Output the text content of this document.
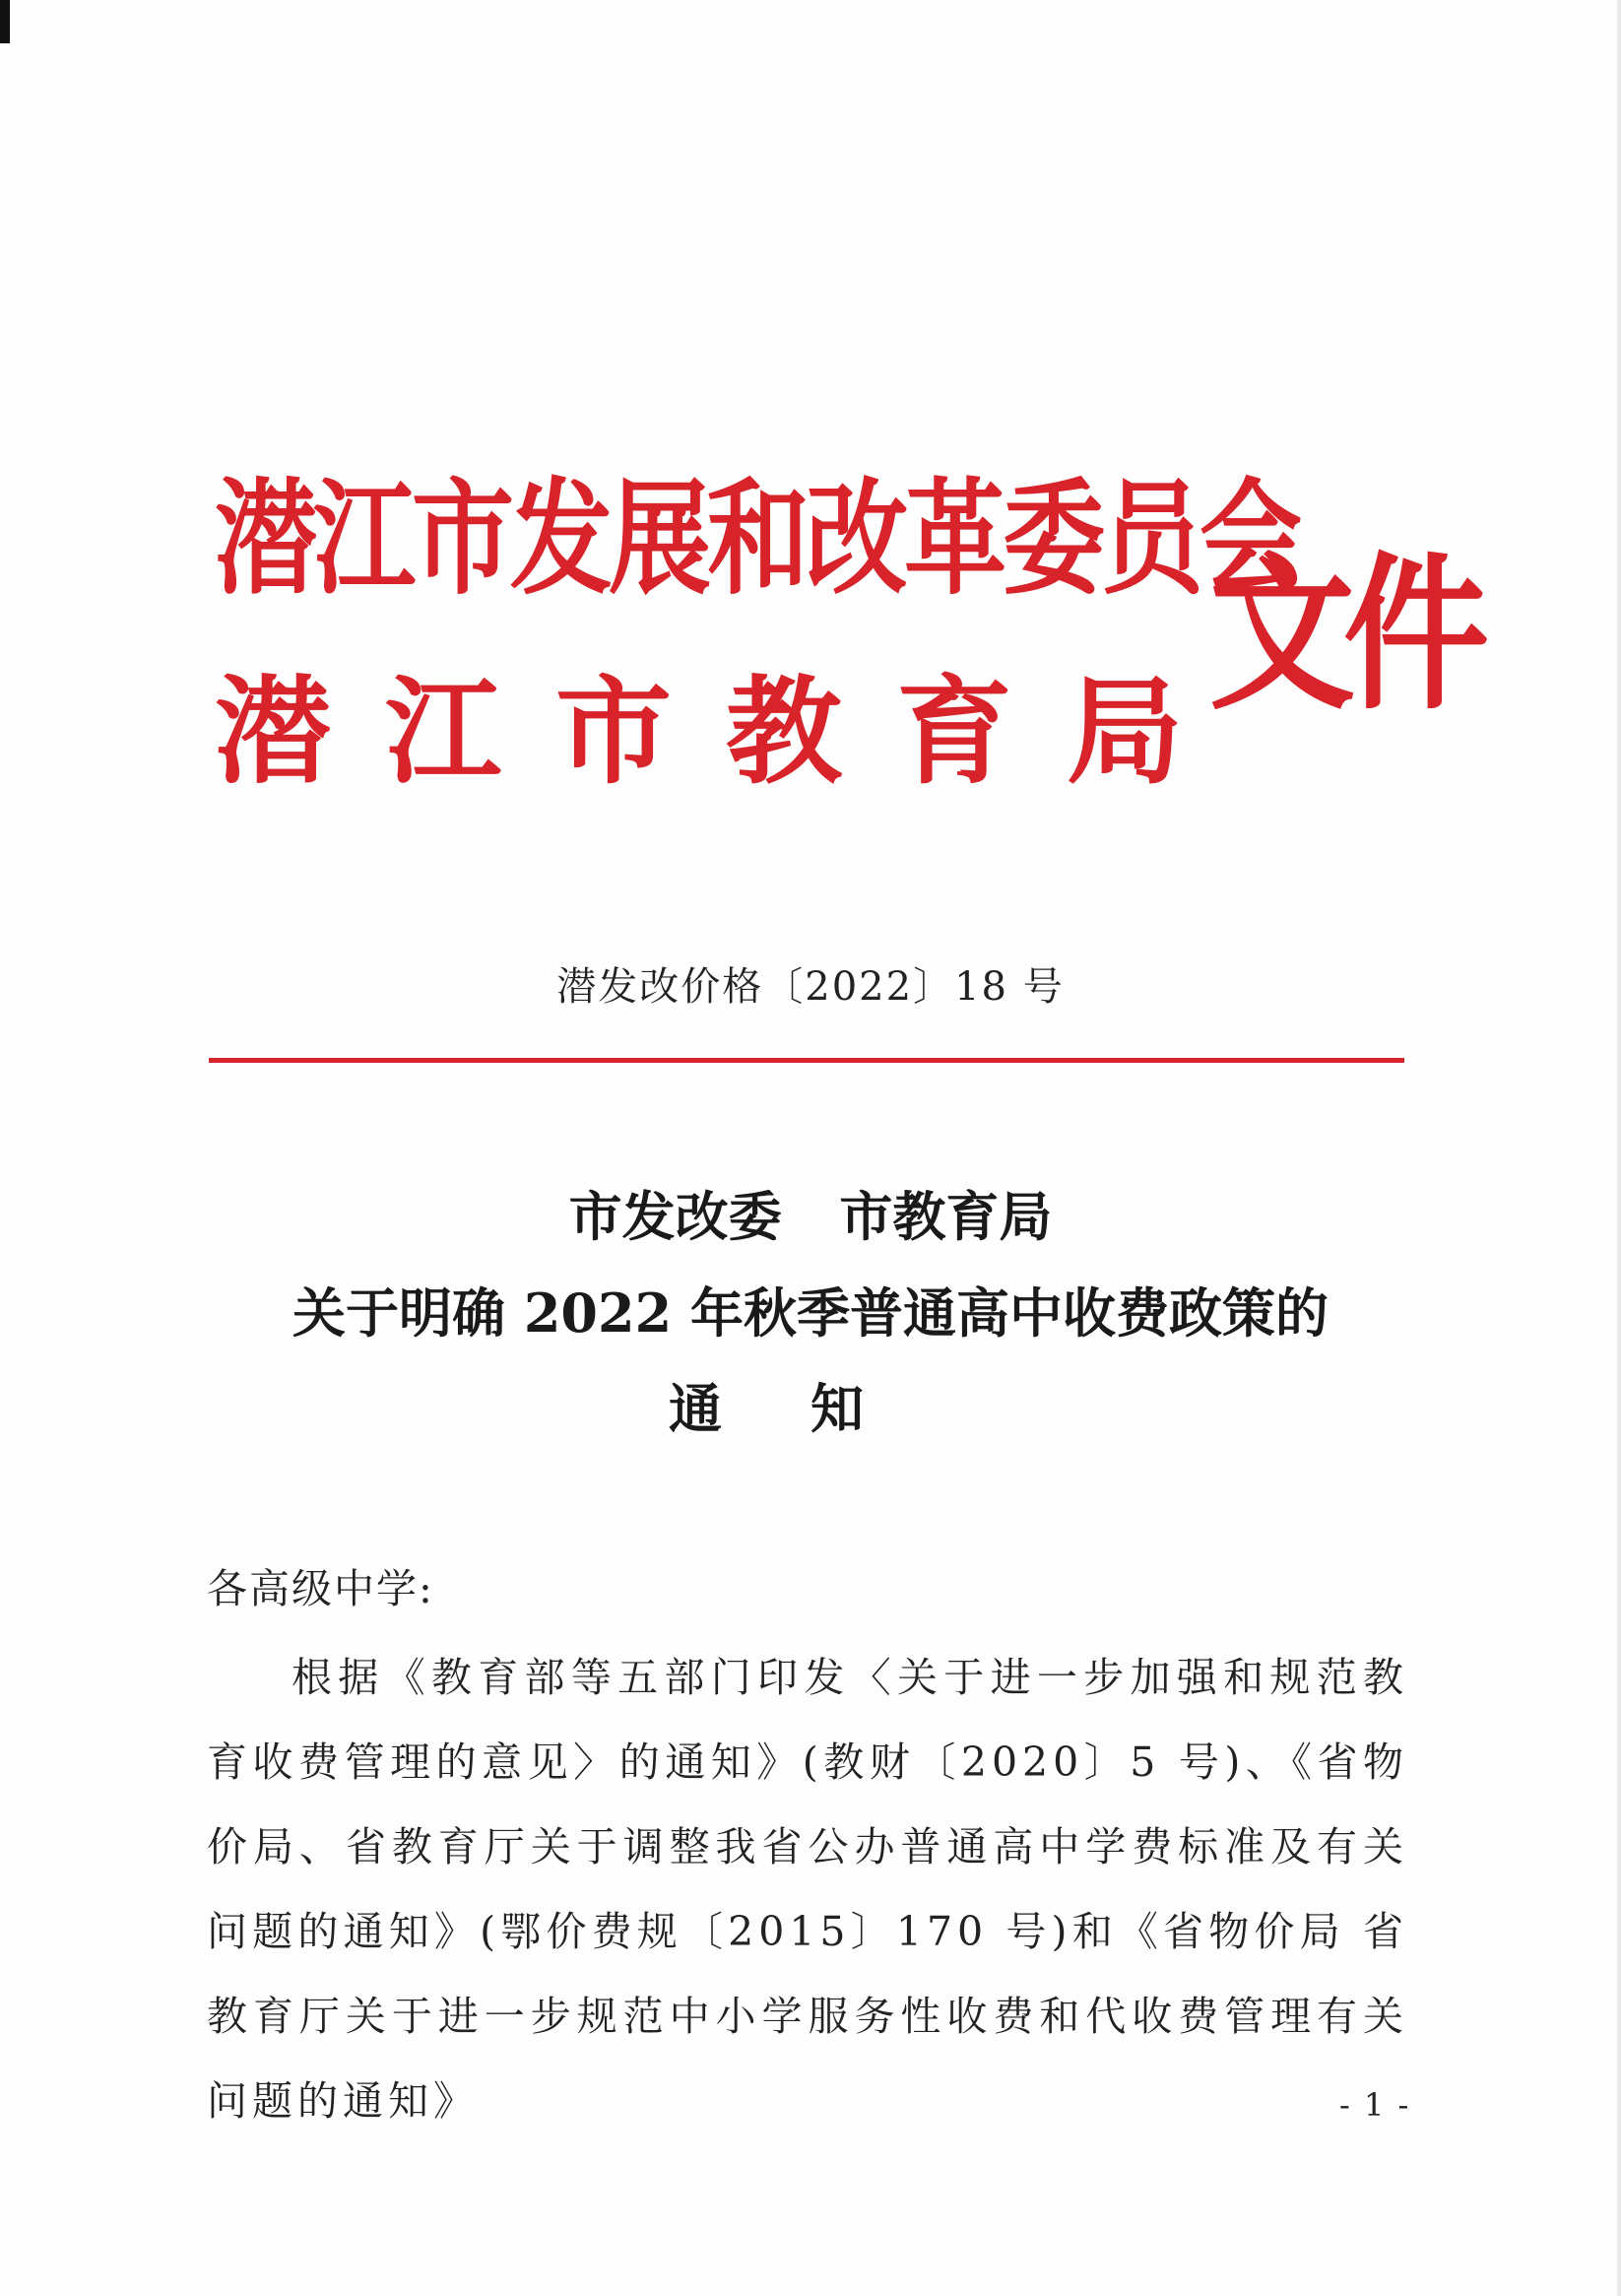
潜江市发展和改革委员会
潜江市教育局
文件
潜发改价格〔2022〕18 号
市发改委 市教育局
关于明确 2022 年秋季普通高中收费政策的
通知
各高级中学:
根据《教育部等五部门印发〈关于进一步加强和规范教育收费管理的意见〉的通知》(教财〔2020〕5 号)、《省物价局、省教育厅关于调整我省公办普通高中学费标准及有关问题的通知》(鄂价费规〔2015〕170 号)和《省物价局 省教育厅关于进一步规范中小学服务性收费和代收费管理有关问题的通知》	- 1 -
